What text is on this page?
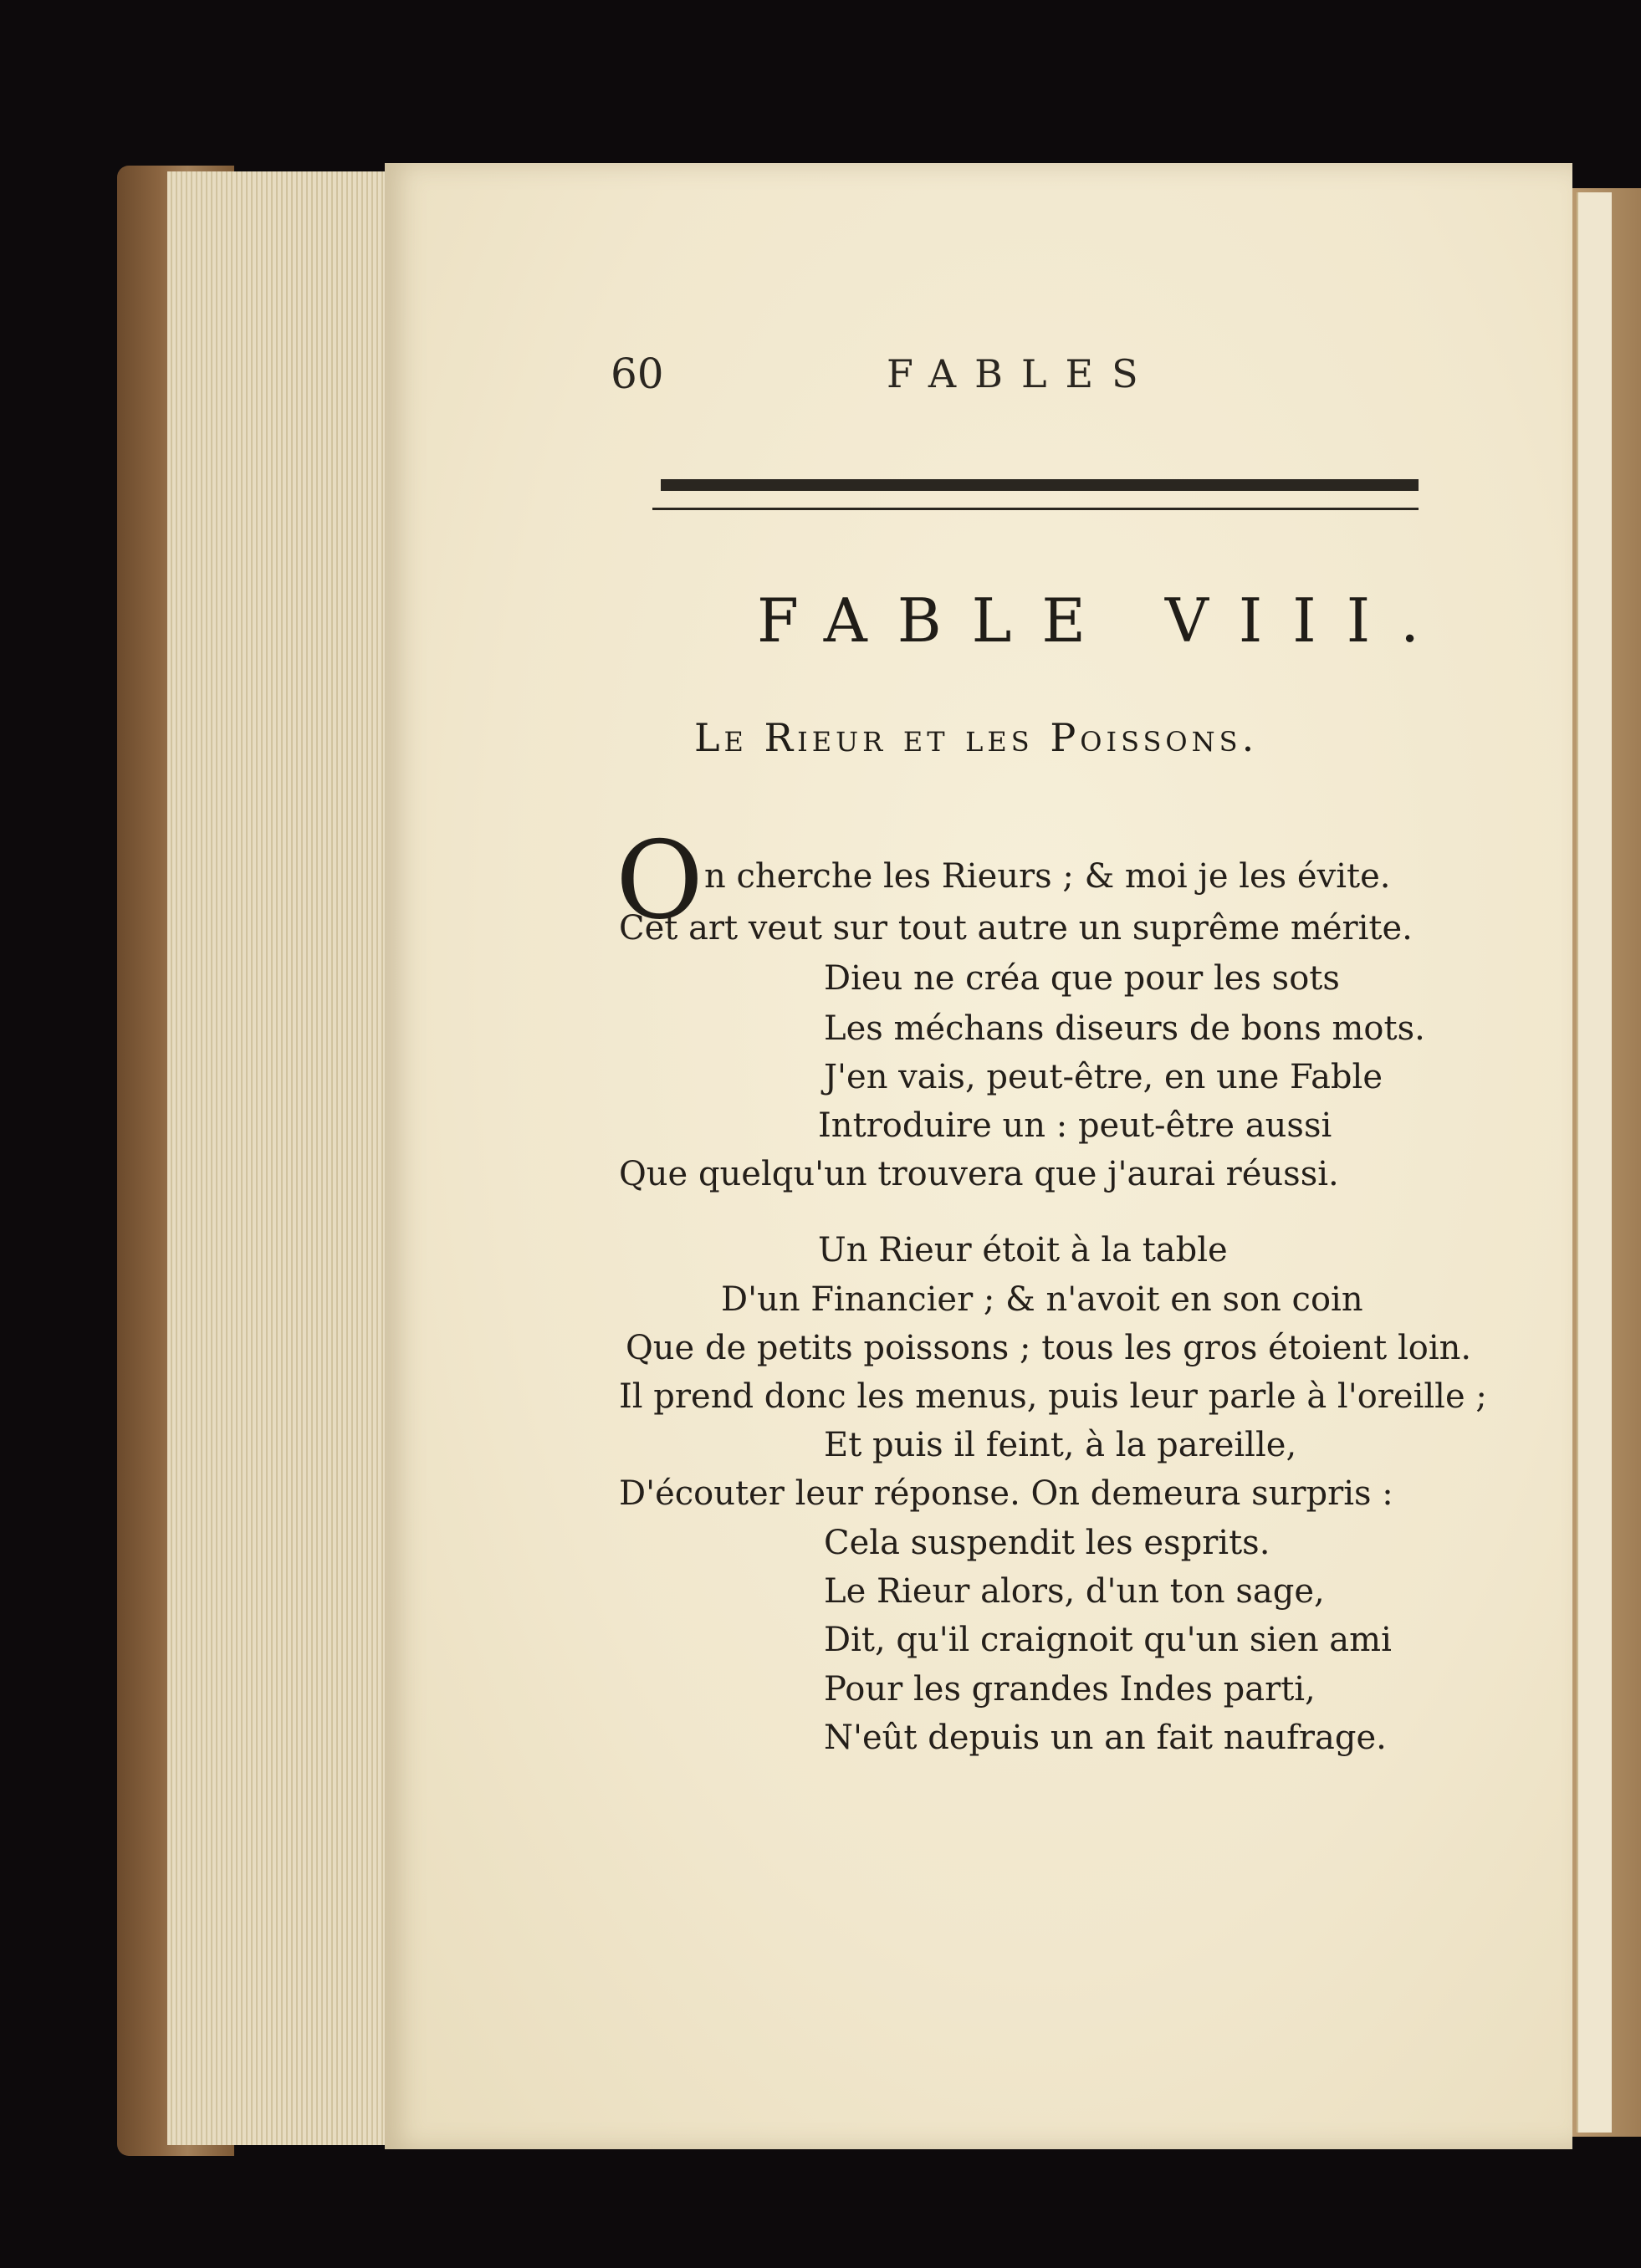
60	FABLES
FABLE VIII.
Le Rieur et les Poissons.
O n cherche les Rieurs ; & moi je les évite.
Cet art veut sur tout autre un suprême mérite.
Dieu ne créa que pour les sots
Les méchans diseurs de bons mots.
J'en vais, peut-être, en une Fable
Introduire un : peut-être aussi
Que quelqu'un trouvera que j'aurai réussi.
Un Rieur étoit à la table
D'un Financier ; & n'avoit en son coin
Que de petits poissons ; tous les gros étoient loin.
Il prend donc les menus, puis leur parle à l'oreille ;
Et puis il feint, à la pareille,
D'écouter leur réponse. On demeura surpris :
Cela suspendit les esprits.
Le Rieur alors, d'un ton sage,
Dit, qu'il craignoit qu'un sien ami
Pour les grandes Indes parti,
N'eût depuis un an fait naufrage.
